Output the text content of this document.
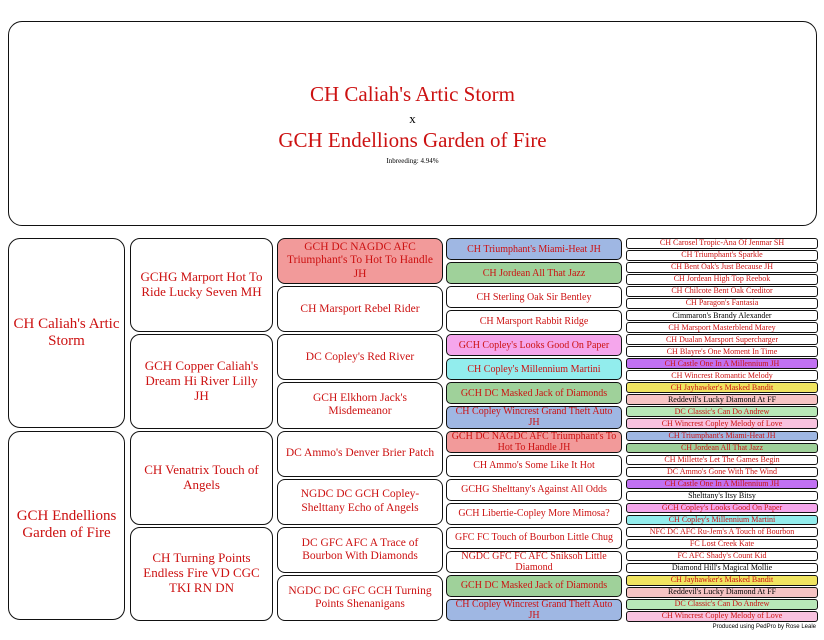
CH Caliah's Artic Storm
x
GCH Endellions Garden of Fire
Inbreeding: 4.94%
CH Caliah's Artic Storm
GCH Endellions Garden of Fire
GCHG Marport Hot To Ride Lucky Seven MH
GCH Copper Caliah's Dream Hi River Lilly JH
CH Venatrix Touch of Angels
CH Turning Points Endless Fire VD CGC TKI RN DN
GCH DC NAGDC AFC Triumphant's To Hot To Handle JH
CH Marsport Rebel Rider
DC Copley's Red River
GCH Elkhorn Jack's Misdemeanor
DC Ammo's Denver Brier Patch
NGDC DC GCH Copley-Shelttany Echo of Angels
DC GFC AFC A Trace of Bourbon With Diamonds
NGDC DC GFC GCH Turning Points Shenanigans
CH Triumphant's Miami-Heat JH
CH Jordean All That Jazz
CH Sterling Oak Sir Bentley
CH Marsport Rabbit Ridge
GCH Copley's Looks Good On Paper
CH Copley's Millennium Martini
GCH DC Masked Jack of Diamonds
CH Copley Wincrest Grand Theft Auto JH
GCH DC NAGDC AFC Triumphant's To Hot To Handle JH
CH Ammo's Some Like It Hot
GCHG Shelttany's Against All Odds
GCH Libertie-Copley More Mimosa?
GFC FC Touch of Bourbon Little Chug
NGDC GFC FC AFC Sniksoh Little Diamond
GCH DC Masked Jack of Diamonds
CH Copley Wincrest Grand Theft Auto JH
CH Carosel Tropic-Ana Of Jenmar SH
CH Triumphant's Sparkle
CH Bent Oak's Just Because JH
CH Jordean High Top Reebok
CH Chilcote Bent Oak Creditor
CH Paragon's Fantasia
Cimmaron's Brandy Alexander
CH Marsport Masterblend Marey
CH Dualan Marsport Supercharger
CH Blayre's One Moment In Time
CH Castle One In A Millennium JH
CH Wincrest Romantic Melody
CH Jayhawker's Masked Bandit
Reddevil's Lucky Diamond At FF
DC Classic's Can Do Andrew
CH Wincrest Copley Melody of Love
CH Triumphant's Miami-Heat JH
CH Jordean All That Jazz
CH Millette's Let The Games Begin
DC Ammo's Gone With The Wind
CH Castle One In A Millennium JH
Shelttany's Itsy Bitsy
GCH Copley's Looks Good On Paper
CH Copley's Millennium Martini
NFC DC AFC Ru-Jem's A Touch of Bourbon
FC Lost Creek Kate
FC AFC Shady's Count Kid
Diamond Hill's Magical Mollie
CH Jayhawker's Masked Bandit
Reddevil's Lucky Diamond At FF
DC Classic's Can Do Andrew
CH Wincrest Copley Melody of Love
Produced using PedPro by Rose Leale
